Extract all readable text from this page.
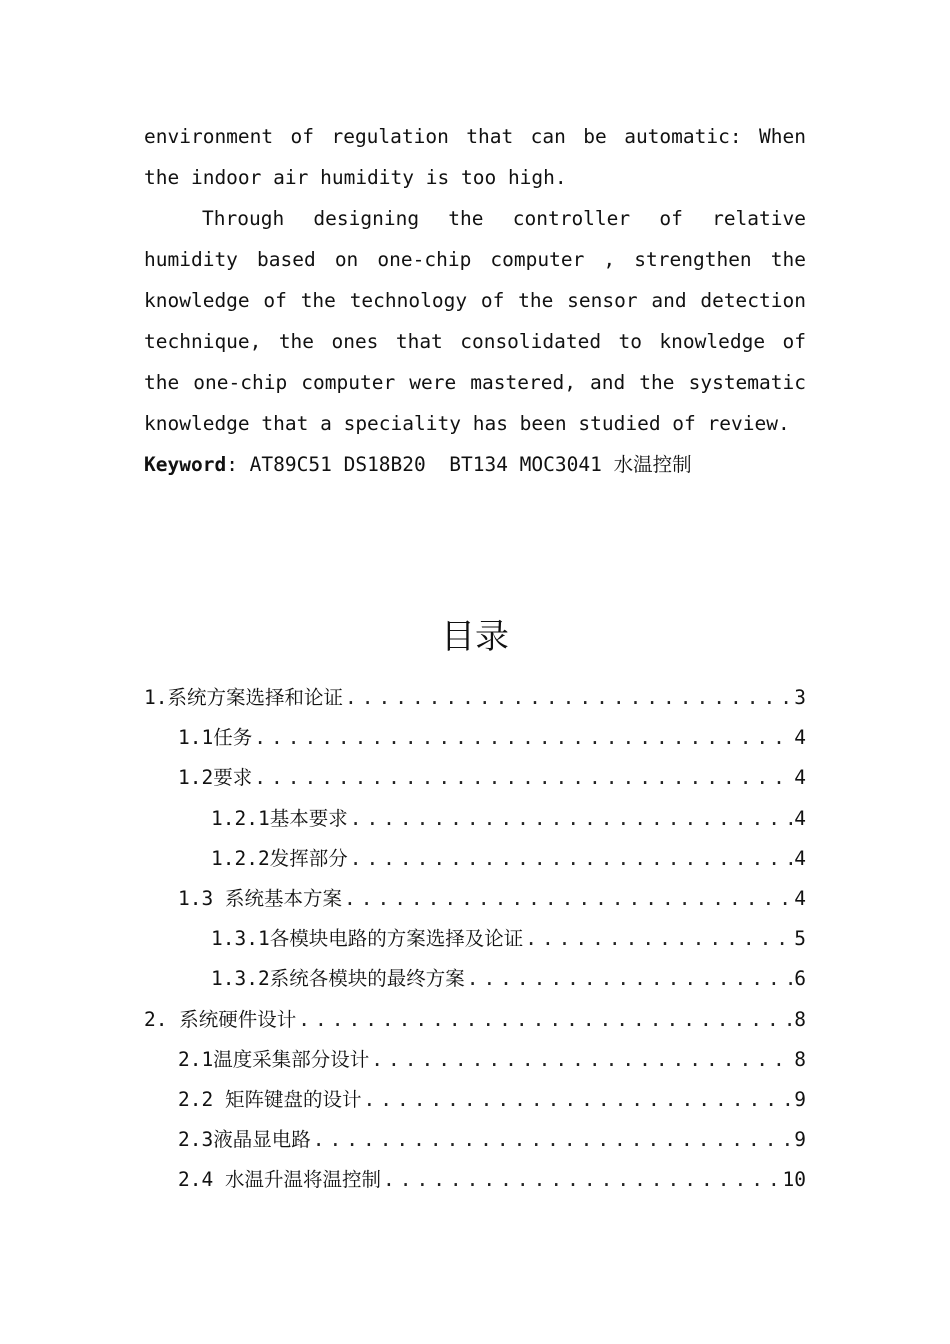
environment of regulation that can be automatic: When the indoor air humidity is too high.

Through designing the controller of relative humidity based on one-chip computer , strengthen the knowledge of the technology of the sensor and detection technique, the ones that consolidated to knowledge of the one-chip computer were mastered, and the systematic knowledge that a speciality has been studied of review.

Keyword: AT89C51 DS18B20  BT134 MOC3041 水温控制

目录
1.系统方案选择和论证 .....	3
1.1任务 .....	4
1.2要求 .....	4
1.2.1基本要求 .....	4
1.2.2发挥部分 .....	4
1.3 系统基本方案 .....	4
1.3.1各模块电路的方案选择及论证 .....	5
1.3.2系统各模块的最终方案 .....	6
2. 系统硬件设计 .....	8
2.1温度采集部分设计 .....	8
2.2 矩阵键盘的设计 .....	9
2.3液晶显电路 .....	9
2.4 水温升温将温控制 .....	10
